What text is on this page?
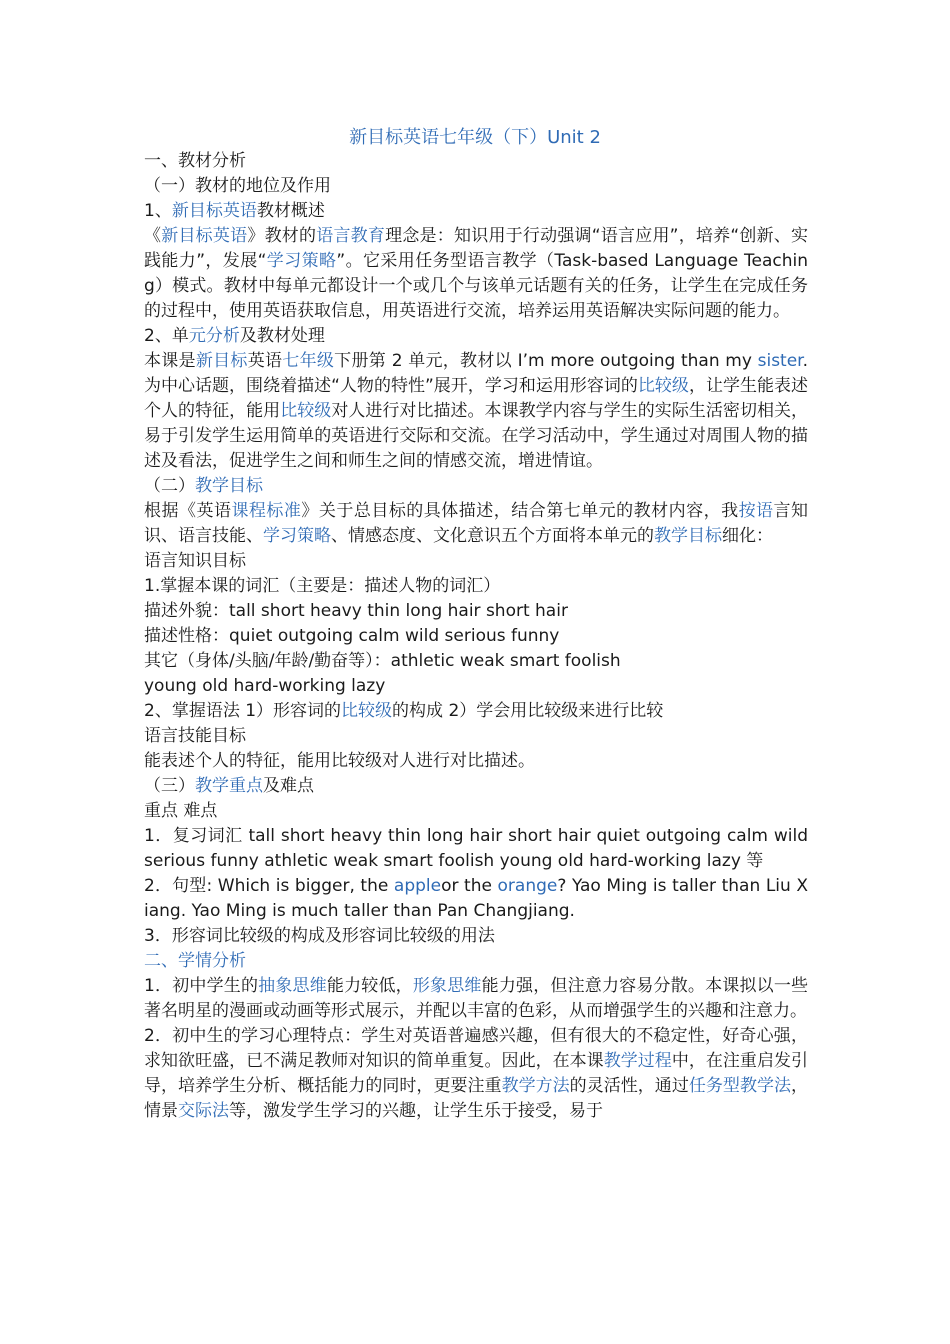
新目标英语七年级（下）Unit 2

一、教材分析

（一）教材的地位及作用

1、新目标英语教材概述

《新目标英语》教材的语言教育理念是：知识用于行动强调“语言应用”，培养“创新、实践能力”，发展“学习策略”。它采用任务型语言教学（Task-based Language Teaching）模式。教材中每单元都设计一个或几个与该单元话题有关的任务，让学生在完成任务的过程中，使用英语获取信息，用英语进行交流，培养运用英语解决实际问题的能力。

2、单元分析及教材处理

本课是新目标英语七年级下册第 2 单元，教材以 I’m more outgoing than my sister. 为中心话题，围绕着描述“人物的特性”展开，学习和运用形容词的比较级，让学生能表述个人的特征，能用比较级对人进行对比描述。本课教学内容与学生的实际生活密切相关，易于引发学生运用简单的英语进行交际和交流。在学习活动中，学生通过对周围人物的描述及看法，促进学生之间和师生之间的情感交流，增进情谊。

（二）教学目标

根据《英语课程标准》关于总目标的具体描述，结合第七单元的教材内容，我按语言知识、语言技能、学习策略、情感态度、文化意识五个方面将本单元的教学目标细化：

语言知识目标

1.掌握本课的词汇（主要是：描述人物的词汇）

描述外貌：tall short heavy thin long hair short hair

描述性格：quiet outgoing calm wild serious funny

其它（身体/头脑/年龄/勤奋等）：athletic weak smart foolish

young old hard-working lazy

2、掌握语法 1）形容词的比较级的构成 2）学会用比较级来进行比较

语言技能目标

能表述个人的特征，能用比较级对人进行对比描述。

（三）教学重点及难点

重点 难点

1．复习词汇 tall short heavy thin long hair short hair quiet outgoing calm wild serious funny athletic weak smart foolish young old hard-working lazy 等

2．句型: Which is bigger, the appleor the orange? Yao Ming is taller than Liu Xiang. Yao Ming is much taller than Pan Changjiang.

3．形容词比较级的构成及形容词比较级的用法

二、学情分析

1．初中学生的抽象思维能力较低，形象思维能力强，但注意力容易分散。本课拟以一些著名明星的漫画或动画等形式展示，并配以丰富的色彩，从而增强学生的兴趣和注意力。

2．初中生的学习心理特点：学生对英语普遍感兴趣，但有很大的不稳定性，好奇心强，求知欲旺盛，已不满足教师对知识的简单重复。因此，在本课教学过程中，在注重启发引导，培养学生分析、概括能力的同时，更要注重教学方法的灵活性，通过任务型教学法，情景交际法等，激发学生学习的兴趣，让学生乐于接受，易于
